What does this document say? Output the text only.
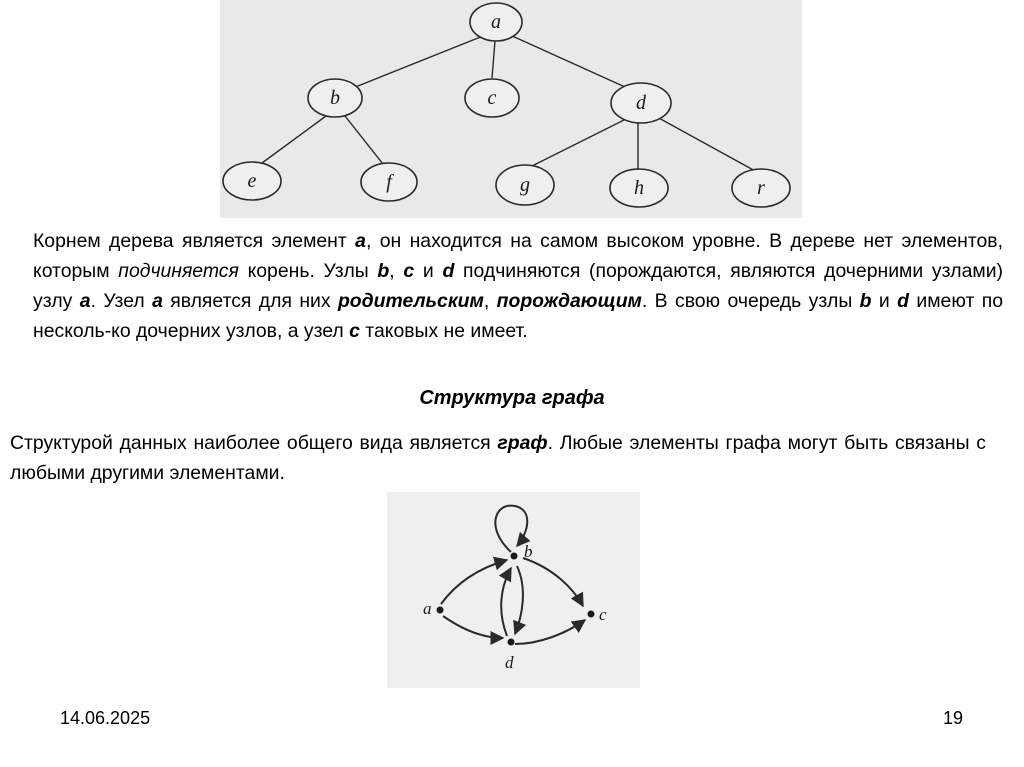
a
b	c	d
e	f	g	h	r

Корнем дерева является элемент a, он находится на самом высоком уровне. В дереве нет элементов, которым подчиняется корень. Узлы b, c и d подчиняются (порождаются, являются дочерними узлами) узлу a. Узел a является для них родительским, порождающим. В свою очередь узлы b и d имеют по несколь-ко дочерних узлов, а узел c таковых не имеет.

Структура графа

Структурой данных наиболее общего вида является граф. Любые элементы графа могут быть связаны с любыми другими элементами.

a
b
c
d
14.06.2025	19
